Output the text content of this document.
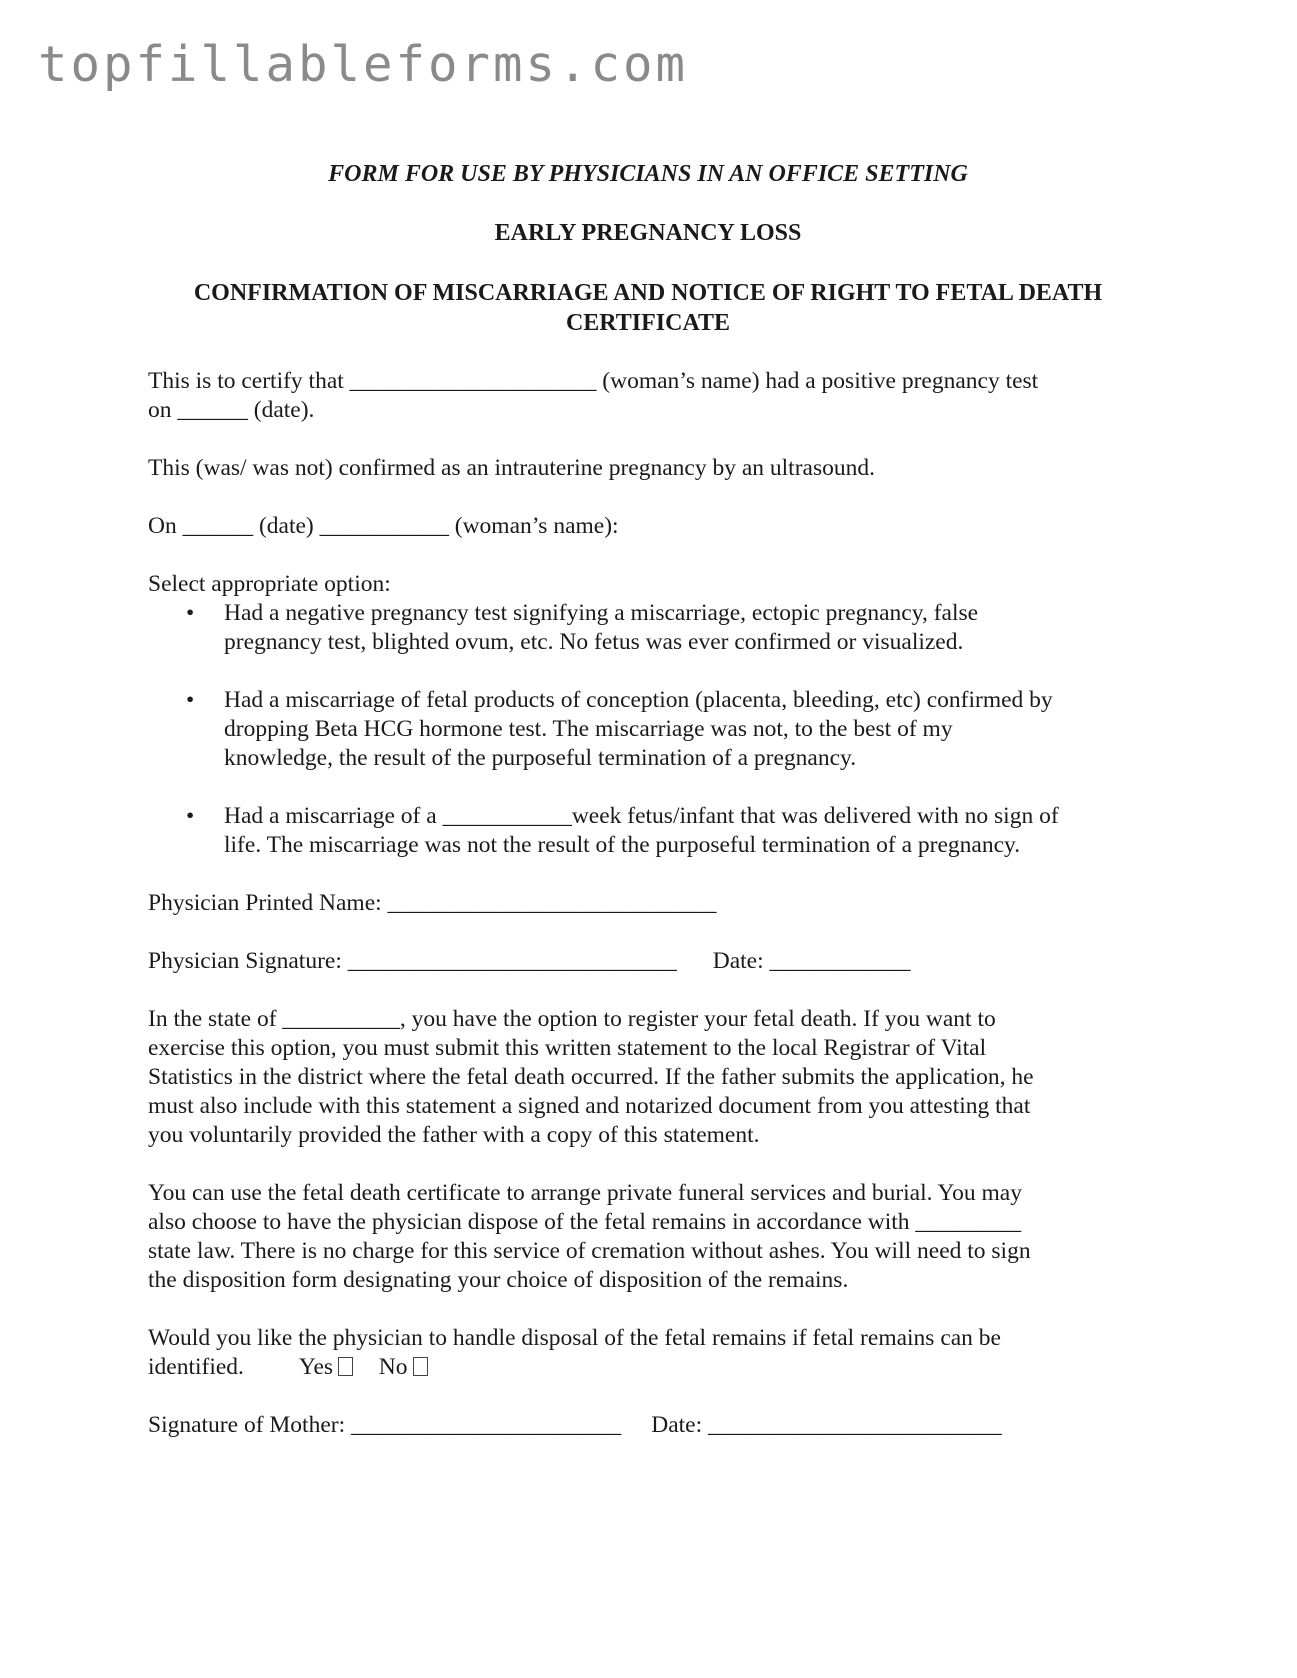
topfillableforms.com
FORM FOR USE BY PHYSICIANS IN AN OFFICE SETTING
EARLY PREGNANCY LOSS
CONFIRMATION OF MISCARRIAGE AND NOTICE OF RIGHT TO FETAL DEATH
CERTIFICATE

This is to certify that _____________________ (woman’s name) had a positive pregnancy test
on ______ (date).

This (was/ was not) confirmed as an intrauterine pregnancy by an ultrasound.

On ______ (date) ___________ (woman’s name):

Select appropriate option:
• Had a negative pregnancy test signifying a miscarriage, ectopic pregnancy, false
pregnancy test, blighted ovum, etc. No fetus was ever confirmed or visualized.
• Had a miscarriage of fetal products of conception (placenta, bleeding, etc) confirmed by
dropping Beta HCG hormone test. The miscarriage was not, to the best of my
knowledge, the result of the purposeful termination of a pregnancy.
• Had a miscarriage of a ___________week fetus/infant that was delivered with no sign of
life. The miscarriage was not the result of the purposeful termination of a pregnancy.

Physician Printed Name: ____________________________

Physician Signature: ____________________________ Date: ____________

In the state of __________, you have the option to register your fetal death. If you want to
exercise this option, you must submit this written statement to the local Registrar of Vital
Statistics in the district where the fetal death occurred. If the father submits the application, he
must also include with this statement a signed and notarized document from you attesting that
you voluntarily provided the father with a copy of this statement.

You can use the fetal death certificate to arrange private funeral services and burial. You may
also choose to have the physician dispose of the fetal remains in accordance with _________
state law. There is no charge for this service of cremation without ashes. You will need to sign
the disposition form designating your choice of disposition of the remains.

Would you like the physician to handle disposal of the fetal remains if fetal remains can be
identified. Yes No

Signature of Mother: _______________________ Date: _________________________
